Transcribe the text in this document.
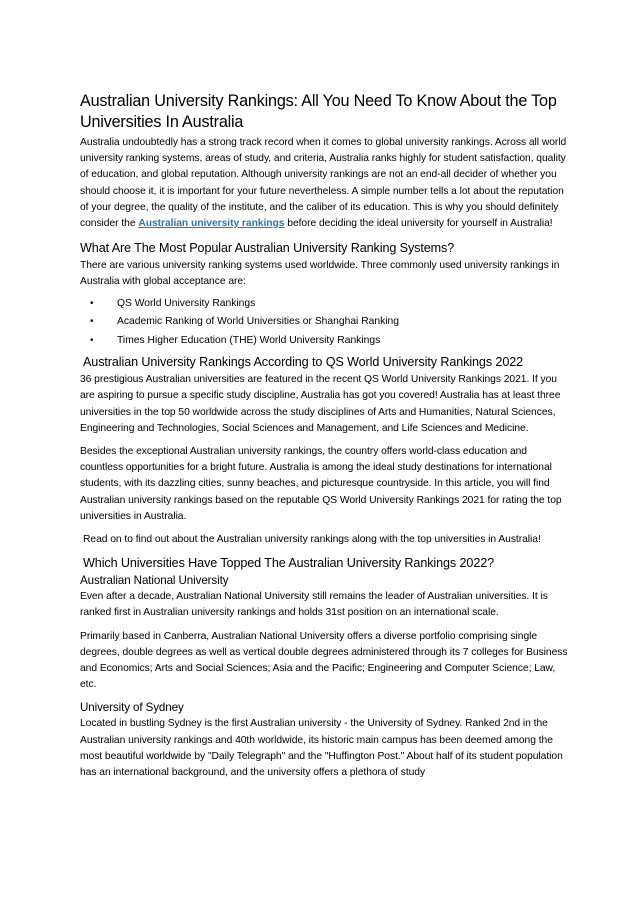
Australian University Rankings: All You Need To Know About the Top Universities In Australia

Australia undoubtedly has a strong track record when it comes to global university rankings. Across all world university ranking systems, areas of study, and criteria, Australia ranks highly for student satisfaction, quality of education, and global reputation. Although university rankings are not an end-all decider of whether you should choose it, it is important for your future nevertheless. A simple number tells a lot about the reputation of your degree, the quality of the institute, and the caliber of its education. This is why you should definitely consider the Australian university rankings before deciding the ideal university for yourself in Australia!

What Are The Most Popular Australian University Ranking Systems?

There are various university ranking systems used worldwide. Three commonly used university rankings in Australia with global acceptance are:

• QS World University Rankings
• Academic Ranking of World Universities or Shanghai Ranking
• Times Higher Education (THE) World University Rankings
Australian University Rankings According to QS World University Rankings 2022

36 prestigious Australian universities are featured in the recent QS World University Rankings 2021. If you are aspiring to pursue a specific study discipline, Australia has got you covered! Australia has at least three universities in the top 50 worldwide across the study disciplines of Arts and Humanities, Natural Sciences, Engineering and Technologies, Social Sciences and Management, and Life Sciences and Medicine.

Besides the exceptional Australian university rankings, the country offers world-class education and countless opportunities for a bright future. Australia is among the ideal study destinations for international students, with its dazzling cities, sunny beaches, and picturesque countryside. In this article, you will find Australian university rankings based on the reputable QS World University Rankings 2021 for rating the top universities in Australia.

Read on to find out about the Australian university rankings along with the top universities in Australia!

Which Universities Have Topped The Australian University Rankings 2022?
Australian National University

Even after a decade, Australian National University still remains the leader of Australian universities. It is ranked first in Australian university rankings and holds 31st position on an international scale.

Primarily based in Canberra, Australian National University offers a diverse portfolio comprising single degrees, double degrees as well as vertical double degrees administered through its 7 colleges for Business and Economics; Arts and Social Sciences; Asia and the Pacific; Engineering and Computer Science; Law, etc.

University of Sydney

Located in bustling Sydney is the first Australian university - the University of Sydney. Ranked 2nd in the Australian university rankings and 40th worldwide, its historic main campus has been deemed among the most beautiful worldwide by "Daily Telegraph" and the "Huffington Post." About half of its student population has an international background, and the university offers a plethora of study
